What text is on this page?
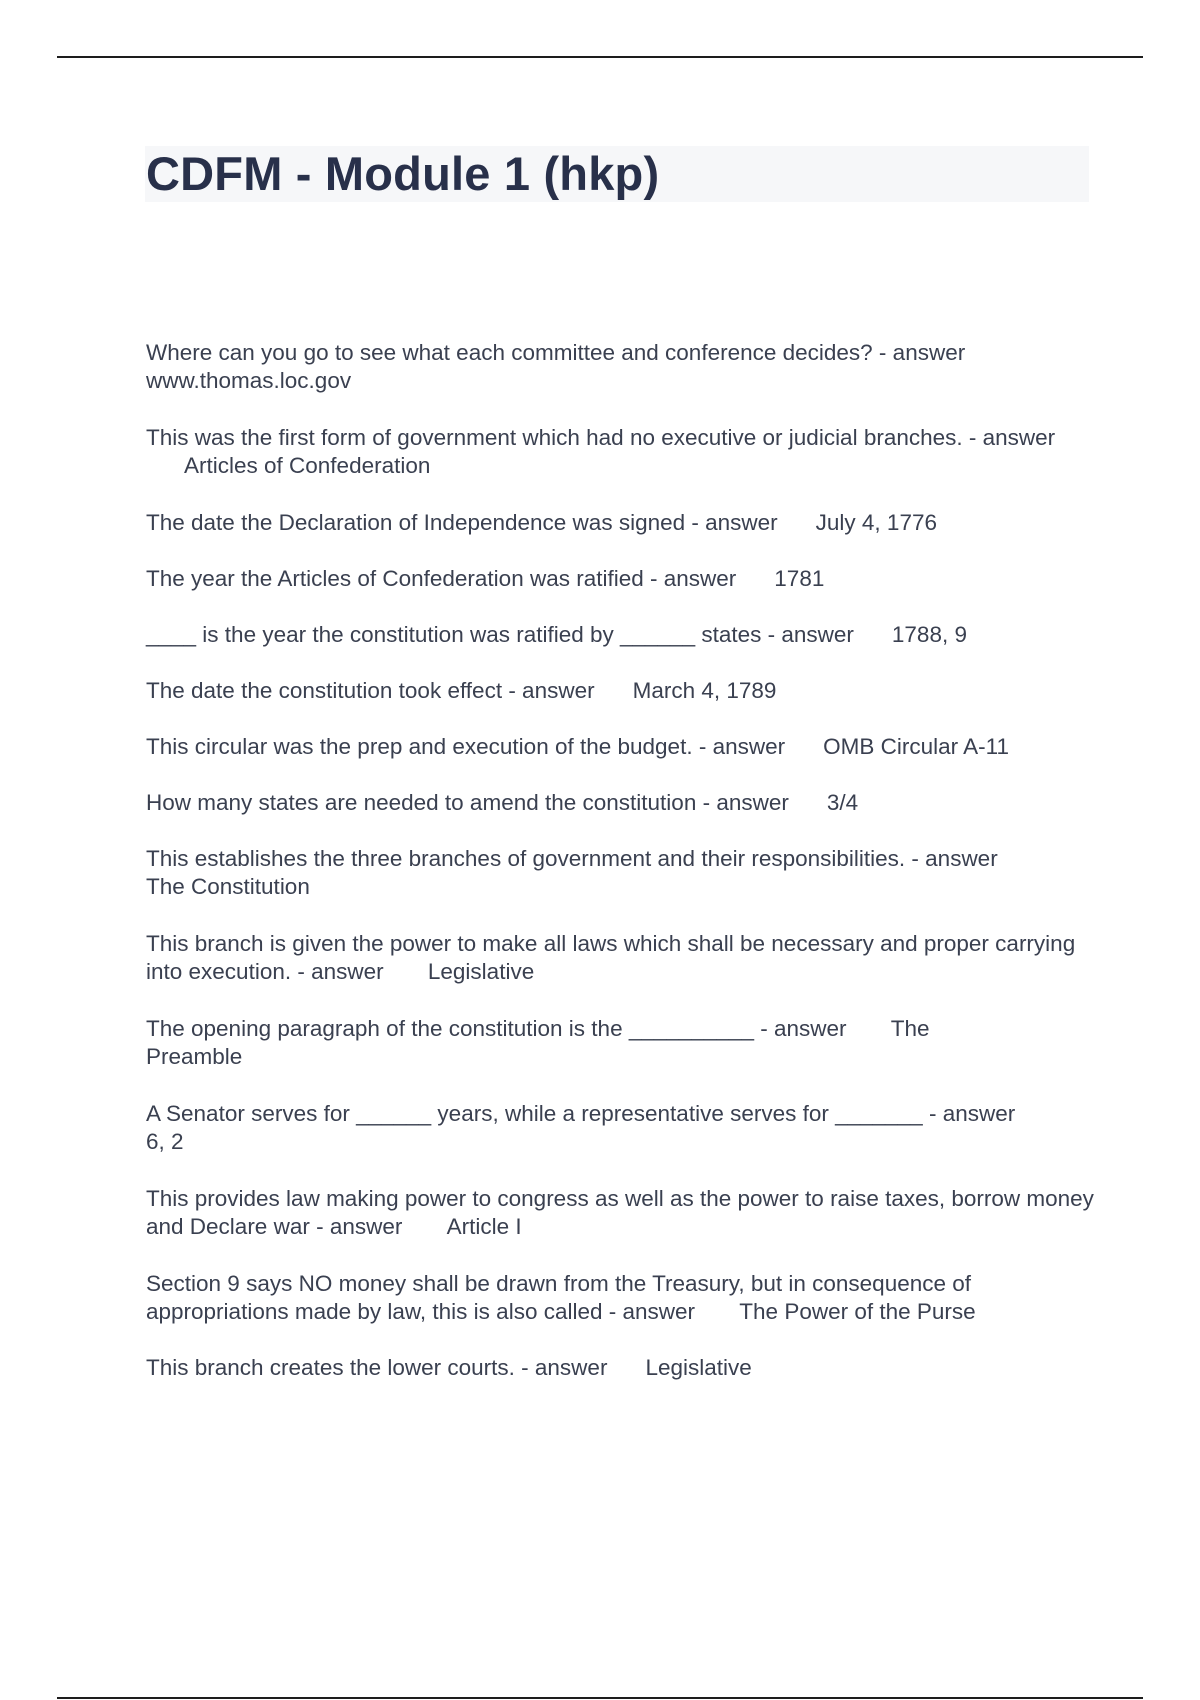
CDFM - Module 1 (hkp)
Where can you go to see what each committee and conference decides? - answer
www.thomas.loc.gov
This was the first form of government which had no executive or judicial branches. - answer Articles of Confederation
The date the Declaration of Independence was signed - answer July 4, 1776
The year the Articles of Confederation was ratified - answer 1781
____ is the year the constitution was ratified by ______ states - answer 1788, 9
The date the constitution took effect - answer March 4, 1789
This circular was the prep and execution of the budget. - answer OMB Circular A-11
How many states are needed to amend the constitution - answer 3/4
This establishes the three branches of government and their responsibilities. - answer
The Constitution
This branch is given the power to make all laws which shall be necessary and proper carrying into execution. - answer Legislative
The opening paragraph of the constitution is the __________ - answer The Preamble
A Senator serves for ______ years, while a representative serves for _______ - answer
6, 2
This provides law making power to congress as well as the power to raise taxes, borrow money and Declare war - answer Article I
Section 9 says NO money shall be drawn from the Treasury, but in consequence of appropriations made by law, this is also called - answer The Power of the Purse
This branch creates the lower courts. - answer Legislative
